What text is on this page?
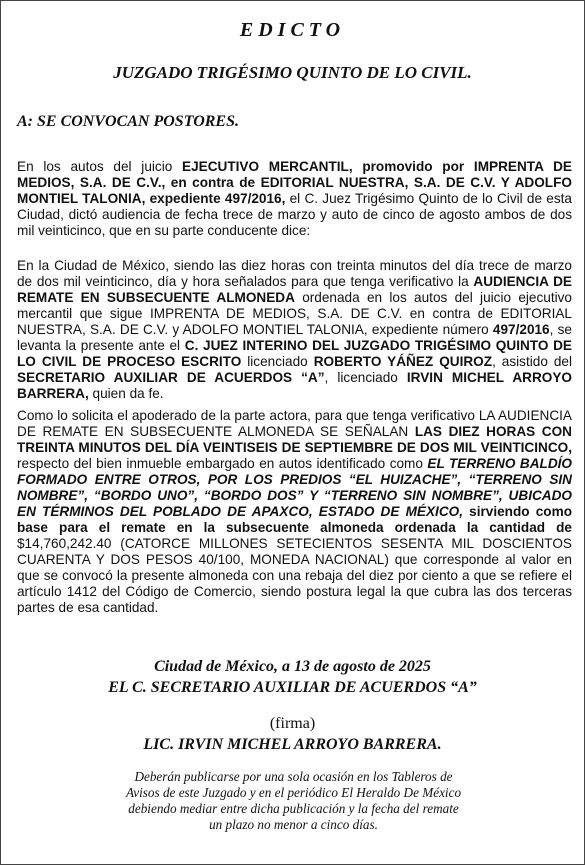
EDICTO
JUZGADO TRIGÉSIMO QUINTO DE LO CIVIL.
A: SE CONVOCAN POSTORES.
En los autos del juicio EJECUTIVO MERCANTIL, promovido por IMPRENTA DE MEDIOS, S.A. DE C.V., en contra de EDITORIAL NUESTRA, S.A. DE C.V. Y ADOLFO MONTIEL TALONIA, expediente 497/2016, el C. Juez Trigésimo Quinto de lo Civil de esta Ciudad, dictó audiencia de fecha trece de marzo y auto de cinco de agosto ambos de dos mil veinticinco, que en su parte conducente dice:
En la Ciudad de México, siendo las diez horas con treinta minutos del día trece de marzo de dos mil veinticinco, día y hora señalados para que tenga verificativo la AUDIENCIA DE REMATE EN SUBSECUENTE ALMONEDA ordenada en los autos del juicio ejecutivo mercantil que sigue IMPRENTA DE MEDIOS, S.A. DE C.V. en contra de EDITORIAL NUESTRA, S.A. DE C.V. y ADOLFO MONTIEL TALONIA, expediente número 497/2016, se levanta la presente ante el C. JUEZ INTERINO DEL JUZGADO TRIGÉSIMO QUINTO DE LO CIVIL DE PROCESO ESCRITO licenciado ROBERTO YÁÑEZ QUIROZ, asistido del SECRETARIO AUXILIAR DE ACUERDOS “A”, licenciado IRVIN MICHEL ARROYO BARRERA, quien da fe.
Como lo solicita el apoderado de la parte actora, para que tenga verificativo LA AUDIENCIA DE REMATE EN SUBSECUENTE ALMONEDA SE SEÑALAN LAS DIEZ HORAS CON TREINTA MINUTOS DEL DÍA VEINTISEIS DE SEPTIEMBRE DE DOS MIL VEINTICINCO, respecto del bien inmueble embargado en autos identificado como EL TERRENO BALDÍO FORMADO ENTRE OTROS, POR LOS PREDIOS “EL HUIZACHE”, “TERRENO SIN NOMBRE”, “BORDO UNO”, “BORDO DOS” Y “TERRENO SIN NOMBRE”, UBICADO EN TÉRMINOS DEL POBLADO DE APAXCO, ESTADO DE MÉXICO, sirviendo como base para el remate en la subsecuente almoneda ordenada la cantidad de $14,760,242.40 (CATORCE MILLONES SETECIENTOS SESENTA MIL DOSCIENTOS CUARENTA Y DOS PESOS 40/100, MONEDA NACIONAL) que corresponde al valor en que se convocó la presente almoneda con una rebaja del diez por ciento a que se refiere el artículo 1412 del Código de Comercio, siendo postura legal la que cubra las dos terceras partes de esa cantidad.
Ciudad de México, a 13 de agosto de 2025
EL C. SECRETARIO AUXILIAR DE ACUERDOS “A”
(firma)
LIC. IRVIN MICHEL ARROYO BARRERA.
Deberán publicarse por una sola ocasión en los Tableros de Avisos de este Juzgado y en el periódico El Heraldo De México debiendo mediar entre dicha publicación y la fecha del remate un plazo no menor a cinco días.
